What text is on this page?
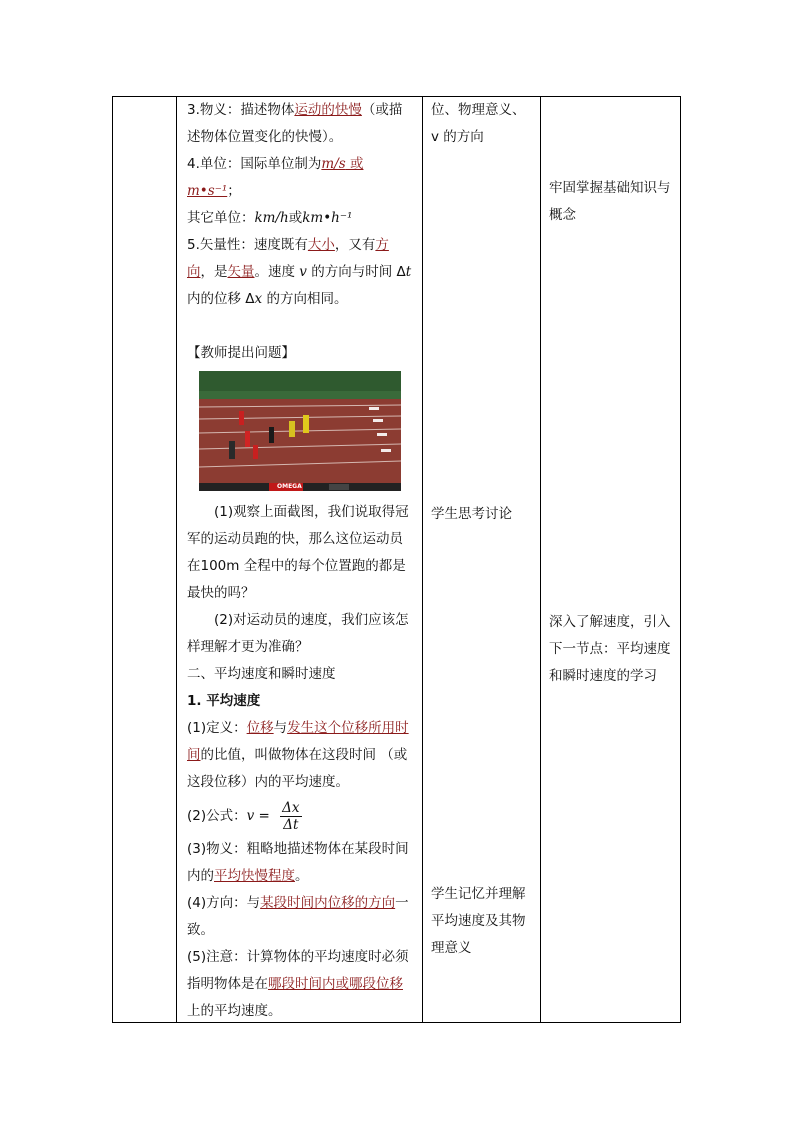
3.物义：描述物体运动的快慢（或描述物体位置变化的快慢）。

4.单位：国际单位制为m/s 或 m•s⁻¹；

其它单位：km/h或km•h⁻¹

5.矢量性：速度既有大小，又有方向，是矢量。速度 v 的方向与时间 Δt 内的位移 Δx 的方向相同。

【教师提出问题】

OMEGA

(1)观察上面截图，我们说取得冠军的运动员跑的快，那么这位运动员在100m 全程中的每个位置跑的都是最快的吗？

(2)对运动员的速度，我们应该怎样理解才更为准确？

二、平均速度和瞬时速度

1. 平均速度

(1)定义：位移与发生这个位移所用时间的比值，叫做物体在这段时间 （或这段位移）内的平均速度。

(2)公式：$v = \frac{\Delta x}{\Delta t}$

(3)物义：粗略地描述物体在某段时间内的平均快慢程度。

(4)方向：与某段时间内位移的方向一致。

(5)注意：计算物体的平均速度时必须指明物体是在哪段时间内或哪段位移上的平均速度。

位、物理意义、v 的方向

学生思考讨论

学生记忆并理解平均速度及其物理意义

牢固掌握基础知识与概念

深入了解速度，引入下一节点：平均速度和瞬时速度的学习
